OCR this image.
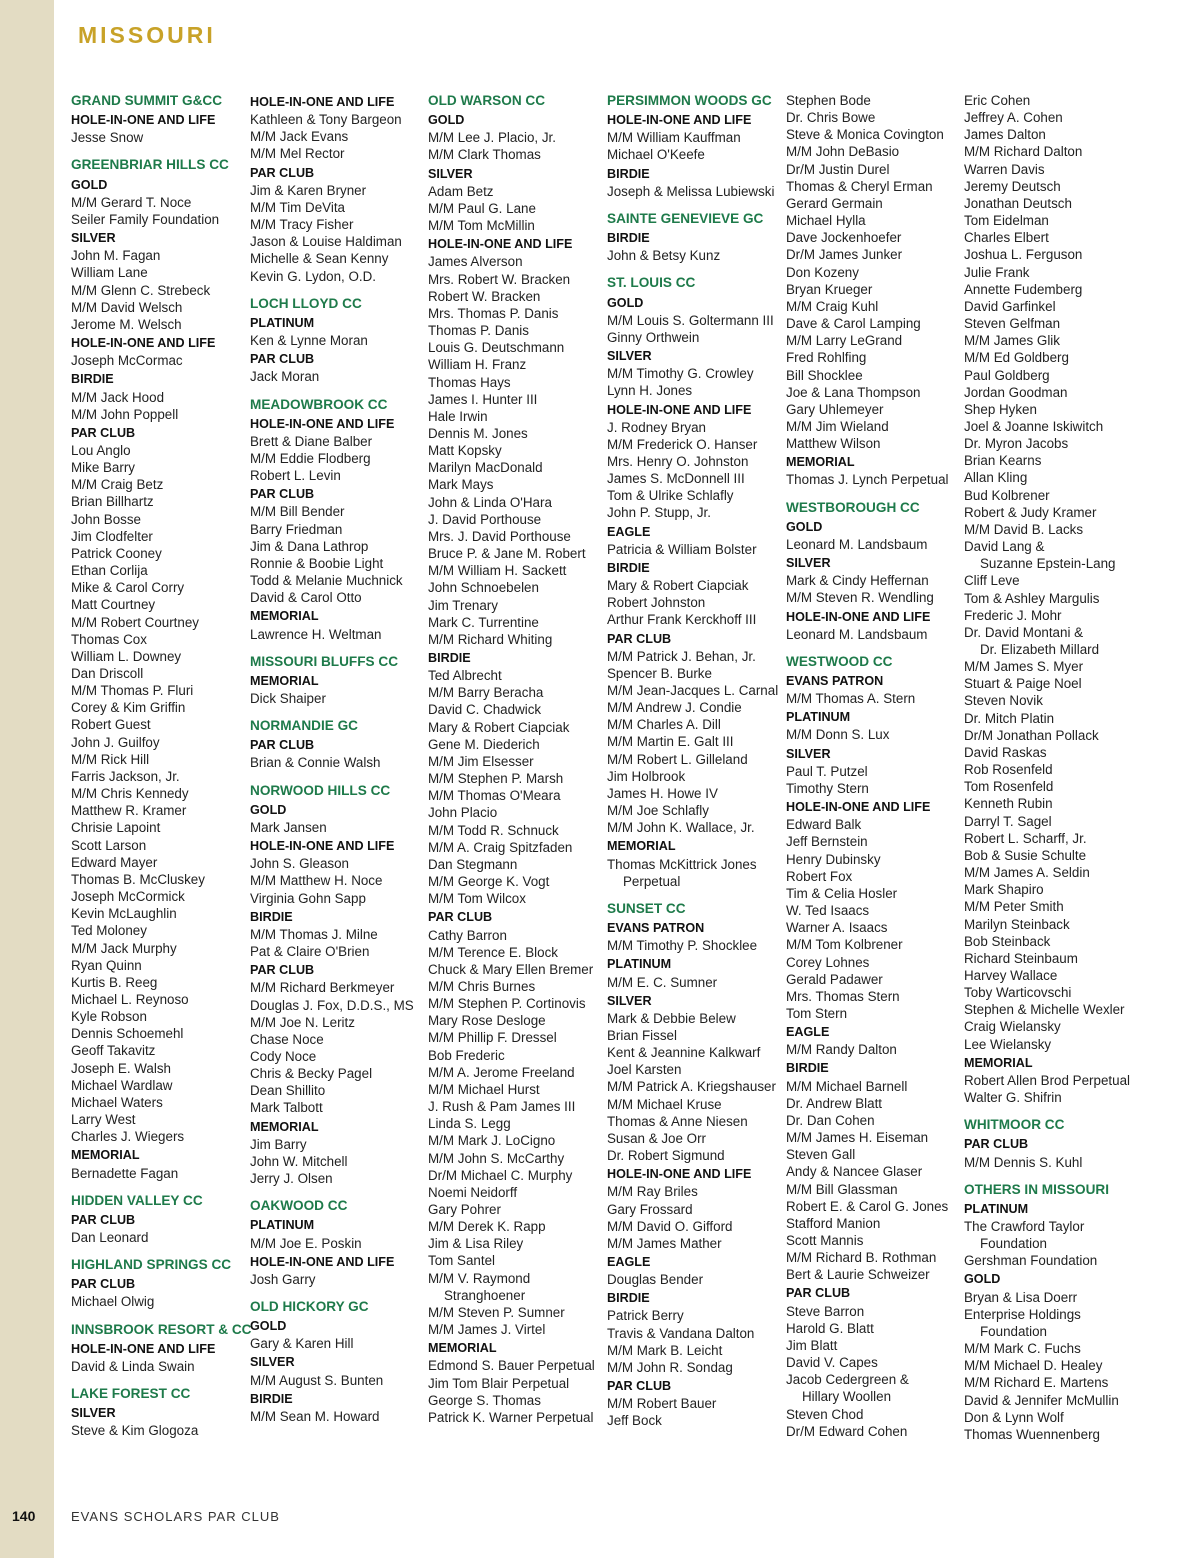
MISSOURI
GRAND SUMMIT G&CC
HOLE-IN-ONE AND LIFE
Jesse Snow
GREENBRIAR HILLS CC
GOLD
M/M Gerard T. Noce
Seiler Family Foundation
SILVER
John M. Fagan
William Lane
M/M Glenn C. Strebeck
M/M David Welsch
Jerome M. Welsch
HOLE-IN-ONE AND LIFE
Joseph McCormac
BIRDIE
M/M Jack Hood
M/M John Poppell
PAR CLUB
Lou Anglo
Mike Barry
M/M Craig Betz
Brian Billhartz
John Bosse
Jim Clodfelter
Patrick Cooney
Ethan Corlija
Mike & Carol Corry
Matt Courtney
M/M Robert Courtney
Thomas Cox
William L. Downey
Dan Driscoll
M/M Thomas P. Fluri
Corey & Kim Griffin
Robert Guest
John J. Guilfoy
M/M Rick Hill
Farris Jackson, Jr.
M/M Chris Kennedy
Matthew R. Kramer
Chrisie Lapoint
Scott Larson
Edward Mayer
Thomas B. McCluskey
Joseph McCormick
Kevin McLaughlin
Ted Moloney
M/M Jack Murphy
Ryan Quinn
Kurtis B. Reeg
Michael L. Reynoso
Kyle Robson
Dennis Schoemehl
Geoff Takavitz
Joseph E. Walsh
Michael Wardlaw
Michael Waters
Larry West
Charles J. Wiegers
MEMORIAL
Bernadette Fagan
HIDDEN VALLEY CC
PAR CLUB
Dan Leonard
HIGHLAND SPRINGS CC
PAR CLUB
Michael Olwig
INNSBROOK RESORT & CC
HOLE-IN-ONE AND LIFE
David & Linda Swain
LAKE FOREST CC
SILVER
Steve & Kim Glogoza
HOLE-IN-ONE AND LIFE
Kathleen & Tony Bargeon
M/M Jack Evans
M/M Mel Rector
PAR CLUB
Jim & Karen Bryner
M/M Tim DeVita
M/M Tracy Fisher
Jason & Louise Haldiman
Michelle & Sean Kenny
Kevin G. Lydon, O.D.
LOCH LLOYD CC
PLATINUM
Ken & Lynne Moran
PAR CLUB
Jack Moran
MEADOWBROOK CC
HOLE-IN-ONE AND LIFE
Brett & Diane Balber
M/M Eddie Flodberg
Robert L. Levin
PAR CLUB
M/M Bill Bender
Barry Friedman
Jim & Dana Lathrop
Ronnie & Boobie Light
Todd & Melanie Muchnick
David & Carol Otto
MEMORIAL
Lawrence H. Weltman
MISSOURI BLUFFS CC
MEMORIAL
Dick Shaiper
NORMANDIE GC
PAR CLUB
Brian & Connie Walsh
NORWOOD HILLS CC
GOLD
Mark Jansen
HOLE-IN-ONE AND LIFE
John S. Gleason
M/M Matthew H. Noce
Virginia Gohn Sapp
BIRDIE
M/M Thomas J. Milne
Pat & Claire O'Brien
PAR CLUB
M/M Richard Berkmeyer
Douglas J. Fox, D.D.S., MS
M/M Joe N. Leritz
Chase Noce
Cody Noce
Chris & Becky Pagel
Dean Shillito
Mark Talbott
MEMORIAL
Jim Barry
John W. Mitchell
Jerry J. Olsen
OAKWOOD CC
PLATINUM
M/M Joe E. Poskin
HOLE-IN-ONE AND LIFE
Josh Garry
OLD HICKORY GC
GOLD
Gary & Karen Hill
SILVER
M/M August S. Bunten
BIRDIE
M/M Sean M. Howard
OLD WARSON CC
GOLD
M/M Lee J. Placio, Jr.
M/M Clark Thomas
SILVER
Adam Betz
M/M Paul G. Lane
M/M Tom McMillin
HOLE-IN-ONE AND LIFE
James Alverson
Mrs. Robert W. Bracken
Robert W. Bracken
Mrs. Thomas P. Danis
Thomas P. Danis
Louis G. Deutschmann
William H. Franz
Thomas Hays
James I. Hunter III
Hale Irwin
Dennis M. Jones
Matt Kopsky
Marilyn MacDonald
Mark Mays
John & Linda O'Hara
J. David Porthouse
Mrs. J. David Porthouse
Bruce P. & Jane M. Robert
M/M William H. Sackett
John Schnoebelen
Jim Trenary
Mark C. Turrentine
M/M Richard Whiting
BIRDIE
Ted Albrecht
M/M Barry Beracha
David C. Chadwick
Mary & Robert Ciapciak
Gene M. Diederich
M/M Jim Elsesser
M/M Stephen P. Marsh
M/M Thomas O'Meara
John Placio
M/M Todd R. Schnuck
M/M A. Craig Spitzfaden
Dan Stegmann
M/M George K. Vogt
M/M Tom Wilcox
PAR CLUB
Cathy Barron
M/M Terence E. Block
Chuck & Mary Ellen Bremer
M/M Chris Burnes
M/M Stephen P. Cortinovis
Mary Rose Desloge
M/M Phillip F. Dressel
Bob Frederic
M/M A. Jerome Freeland
M/M Michael Hurst
J. Rush & Pam James III
Linda S. Legg
M/M Mark J. LoCigno
M/M John S. McCarthy
Dr/M Michael C. Murphy
Noemi Neidorff
Gary Pohrer
M/M Derek K. Rapp
Jim & Lisa Riley
Tom Santel
M/M V. Raymond
Stranghoener
M/M Steven P. Sumner
M/M James J. Virtel
MEMORIAL
Edmond S. Bauer Perpetual
Jim Tom Blair Perpetual
George S. Thomas
Patrick K. Warner Perpetual
PERSIMMON WOODS GC
HOLE-IN-ONE AND LIFE
M/M William Kauffman
Michael O'Keefe
BIRDIE
Joseph & Melissa Lubiewski
SAINTE GENEVIEVE GC
BIRDIE
John & Betsy Kunz
ST. LOUIS CC
GOLD
M/M Louis S. Goltermann III
Ginny Orthwein
SILVER
M/M Timothy G. Crowley
Lynn H. Jones
HOLE-IN-ONE AND LIFE
J. Rodney Bryan
M/M Frederick O. Hanser
Mrs. Henry O. Johnston
James S. McDonnell III
Tom & Ulrike Schlafly
John P. Stupp, Jr.
EAGLE
Patricia & William Bolster
BIRDIE
Mary & Robert Ciapciak
Robert Johnston
Arthur Frank Kerckhoff III
PAR CLUB
M/M Patrick J. Behan, Jr.
Spencer B. Burke
M/M Jean-Jacques L. Carnal
M/M Andrew J. Condie
M/M Charles A. Dill
M/M Martin E. Galt III
M/M Robert L. Gilleland
Jim Holbrook
James H. Howe IV
M/M Joe Schlafly
M/M John K. Wallace, Jr.
MEMORIAL
Thomas McKittrick Jones
Perpetual
SUNSET CC
EVANS PATRON
M/M Timothy P. Shocklee
PLATINUM
M/M E. C. Sumner
SILVER
Mark & Debbie Belew
Brian Fissel
Kent & Jeannine Kalkwarf
Joel Karsten
M/M Patrick A. Kriegshauser
M/M Michael Kruse
Thomas & Anne Niesen
Susan & Joe Orr
Dr. Robert Sigmund
HOLE-IN-ONE AND LIFE
M/M Ray Briles
Gary Frossard
M/M David O. Gifford
M/M James Mather
EAGLE
Douglas Bender
BIRDIE
Patrick Berry
Travis & Vandana Dalton
M/M Mark B. Leicht
M/M John R. Sondag
PAR CLUB
M/M Robert Bauer
Jeff Bock
Stephen Bode
Dr. Chris Bowe
Steve & Monica Covington
M/M John DeBasio
Dr/M Justin Durel
Thomas & Cheryl Erman
Gerard Germain
Michael Hylla
Dave Jockenhoefer
Dr/M James Junker
Don Kozeny
Bryan Krueger
M/M Craig Kuhl
Dave & Carol Lamping
M/M Larry LeGrand
Fred Rohlfing
Bill Shocklee
Joe & Lana Thompson
Gary Uhlemeyer
M/M Jim Wieland
Matthew Wilson
MEMORIAL
Thomas J. Lynch Perpetual
WESTBOROUGH CC
GOLD
Leonard M. Landsbaum
SILVER
Mark & Cindy Heffernan
M/M Steven R. Wendling
HOLE-IN-ONE AND LIFE
Leonard M. Landsbaum
WESTWOOD CC
EVANS PATRON
M/M Thomas A. Stern
PLATINUM
M/M Donn S. Lux
SILVER
Paul T. Putzel
Timothy Stern
HOLE-IN-ONE AND LIFE
Edward Balk
Jeff Bernstein
Henry Dubinsky
Robert Fox
Tim & Celia Hosler
W. Ted Isaacs
Warner A. Isaacs
M/M Tom Kolbrener
Corey Lohnes
Gerald Padawer
Mrs. Thomas Stern
Tom Stern
EAGLE
M/M Randy Dalton
BIRDIE
M/M Michael Barnell
Dr. Andrew Blatt
Dr. Dan Cohen
M/M James H. Eiseman
Steven Gall
Andy & Nancee Glaser
M/M Bill Glassman
Robert E. & Carol G. Jones
Stafford Manion
Scott Mannis
M/M Richard B. Rothman
Bert & Laurie Schweizer
PAR CLUB
Steve Barron
Harold G. Blatt
Jim Blatt
David V. Capes
Jacob Cedergreen &
Hillary Woollen
Steven Chod
Dr/M Edward Cohen
Eric Cohen
Jeffrey A. Cohen
James Dalton
M/M Richard Dalton
Warren Davis
Jeremy Deutsch
Jonathan Deutsch
Tom Eidelman
Charles Elbert
Joshua L. Ferguson
Julie Frank
Annette Fudemberg
David Garfinkel
Steven Gelfman
M/M James Glik
M/M Ed Goldberg
Paul Goldberg
Jordan Goodman
Shep Hyken
Joel & Joanne Iskiwitch
Dr. Myron Jacobs
Brian Kearns
Allan Kling
Bud Kolbrener
Robert & Judy Kramer
M/M David B. Lacks
David Lang &
Suzanne Epstein-Lang
Cliff Leve
Tom & Ashley Margulis
Frederic J. Mohr
Dr. David Montani &
Dr. Elizabeth Millard
M/M James S. Myer
Stuart & Paige Noel
Steven Novik
Dr. Mitch Platin
Dr/M Jonathan Pollack
David Raskas
Rob Rosenfeld
Tom Rosenfeld
Kenneth Rubin
Darryl T. Sagel
Robert L. Scharff, Jr.
Bob & Susie Schulte
M/M James A. Seldin
Mark Shapiro
M/M Peter Smith
Marilyn Steinback
Bob Steinback
Richard Steinbaum
Harvey Wallace
Toby Warticovschi
Stephen & Michelle Wexler
Craig Wielansky
Lee Wielansky
MEMORIAL
Robert Allen Brod Perpetual
Walter G. Shifrin
WHITMOOR CC
PAR CLUB
M/M Dennis S. Kuhl
OTHERS IN MISSOURI
PLATINUM
The Crawford Taylor
Foundation
Gershman Foundation
GOLD
Bryan & Lisa Doerr
Enterprise Holdings
Foundation
M/M Mark C. Fuchs
M/M Michael D. Healey
M/M Richard E. Martens
David & Jennifer McMullin
Don & Lynn Wolf
Thomas Wuennenberg
140	EVANS SCHOLARS PAR CLUB
